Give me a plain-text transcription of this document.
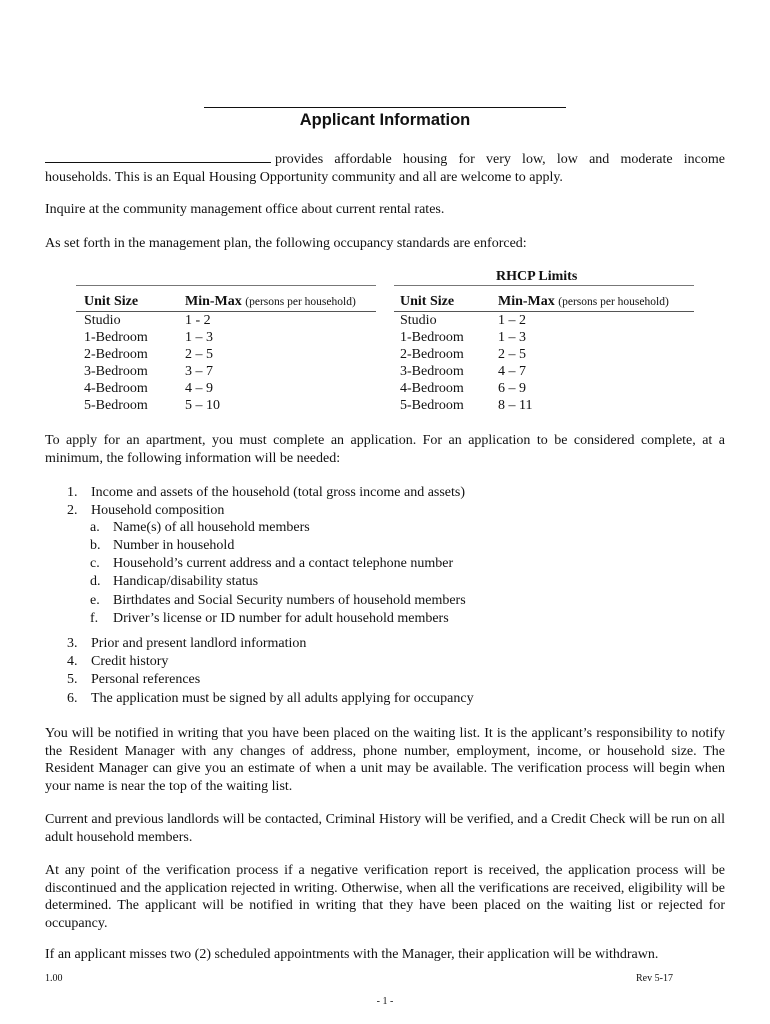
Applicant Information

provides affordable housing for very low, low and moderate income households. This is an Equal Housing Opportunity community and all are welcome to apply.

Inquire at the community management office about current rental rates.

As set forth in the management plan, the following occupancy standards are enforced:

Unit Size	Min-Max (persons per household)
Studio	1 - 2
1-Bedroom	1 – 3
2-Bedroom	2 – 5
3-Bedroom	3 – 7
4-Bedroom	4 – 9
5-Bedroom	5 – 10
RHCP Limits
Unit Size	Min-Max (persons per household)
Studio	1 – 2
1-Bedroom 1 – 3
2-Bedroom 2 – 5
3-Bedroom 4 – 7
4-Bedroom 6 – 9
5-Bedroom 8 – 11

To apply for an apartment, you must complete an application. For an application to be considered complete, at a minimum, the following information will be needed:

1. Income and assets of the household (total gross income and assets)
2. Household composition
a. Name(s) of all household members
b. Number in household
c. Household’s current address and a contact telephone number
d. Handicap/disability status
e. Birthdates and Social Security numbers of household members
f. Driver’s license or ID number for adult household members
3. Prior and present landlord information
4. Credit history
5. Personal references
6. The application must be signed by all adults applying for occupancy

You will be notified in writing that you have been placed on the waiting list. It is the applicant’s responsibility to notify the Resident Manager with any changes of address, phone number, employment, income, or household size. The Resident Manager can give you an estimate of when a unit may be available. The verification process will begin when your name is near the top of the waiting list.

Current and previous landlords will be contacted, Criminal History will be verified, and a Credit Check will be run on all adult household members.

At any point of the verification process if a negative verification report is received, the application process will be discontinued and the application rejected in writing. Otherwise, when all the verifications are received, eligibility will be determined. The applicant will be notified in writing that they have been placed on the waiting list or rejected for occupancy.

If an applicant misses two (2) scheduled appointments with the Manager, their application will be withdrawn.

1.00	Rev 5-17
- 1 -
